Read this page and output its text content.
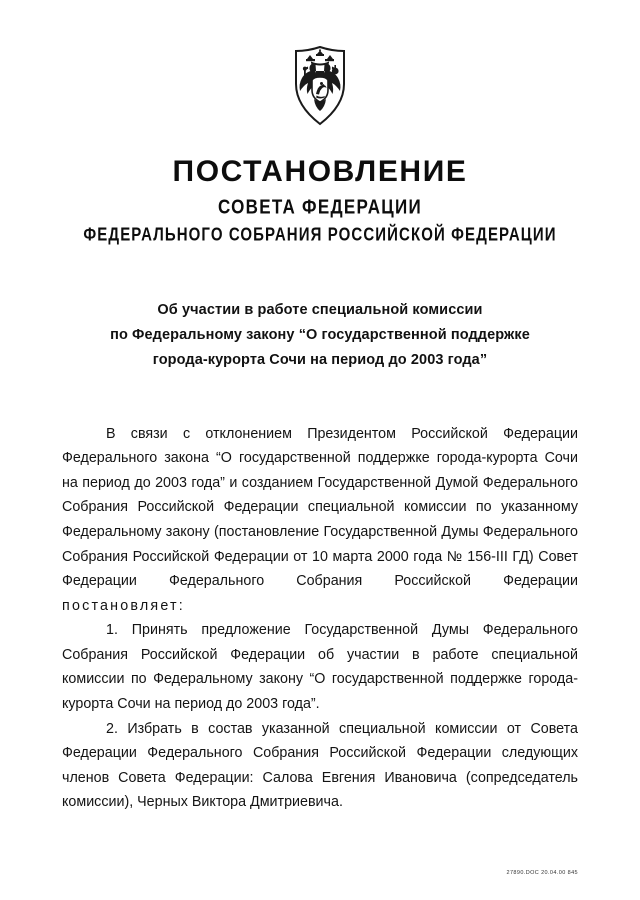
ПОСТАНОВЛЕНИЕ
СОВЕТА ФЕДЕРАЦИИ
ФЕДЕРАЛЬНОГО СОБРАНИЯ РОССИЙСКОЙ ФЕДЕРАЦИИ
Об участии в работе специальной комиссии
по Федеральному закону “О государственной поддержке
города-курорта Сочи на период до 2003 года”

В связи с отклонением Президентом Российской Федерации Федерального закона “О государственной поддержке города-курорта Сочи на период до 2003 года” и созданием Государственной Думой Федерального Собрания Российской Федерации специальной комиссии по указанному Федеральному закону (постановление Государственной Думы Федерального Собрания Российской Федерации от 10 марта 2000 года № 156-III ГД) Совет Федерации Федерального Собрания Российской Федерации постановляет:

1. Принять предложение Государственной Думы Федерального Собрания Российской Федерации об участии в работе специальной комиссии по Федеральному закону “О государственной поддержке города-курорта Сочи на период до 2003 года”.

2. Избрать в состав указанной специальной комиссии от Совета Федерации Федерального Собрания Российской Федерации следующих членов Совета Федерации: Салова Евгения Ивановича (сопредседатель комиссии), Черных Виктора Дмитриевича.

27890.DOC 20.04.00 845
